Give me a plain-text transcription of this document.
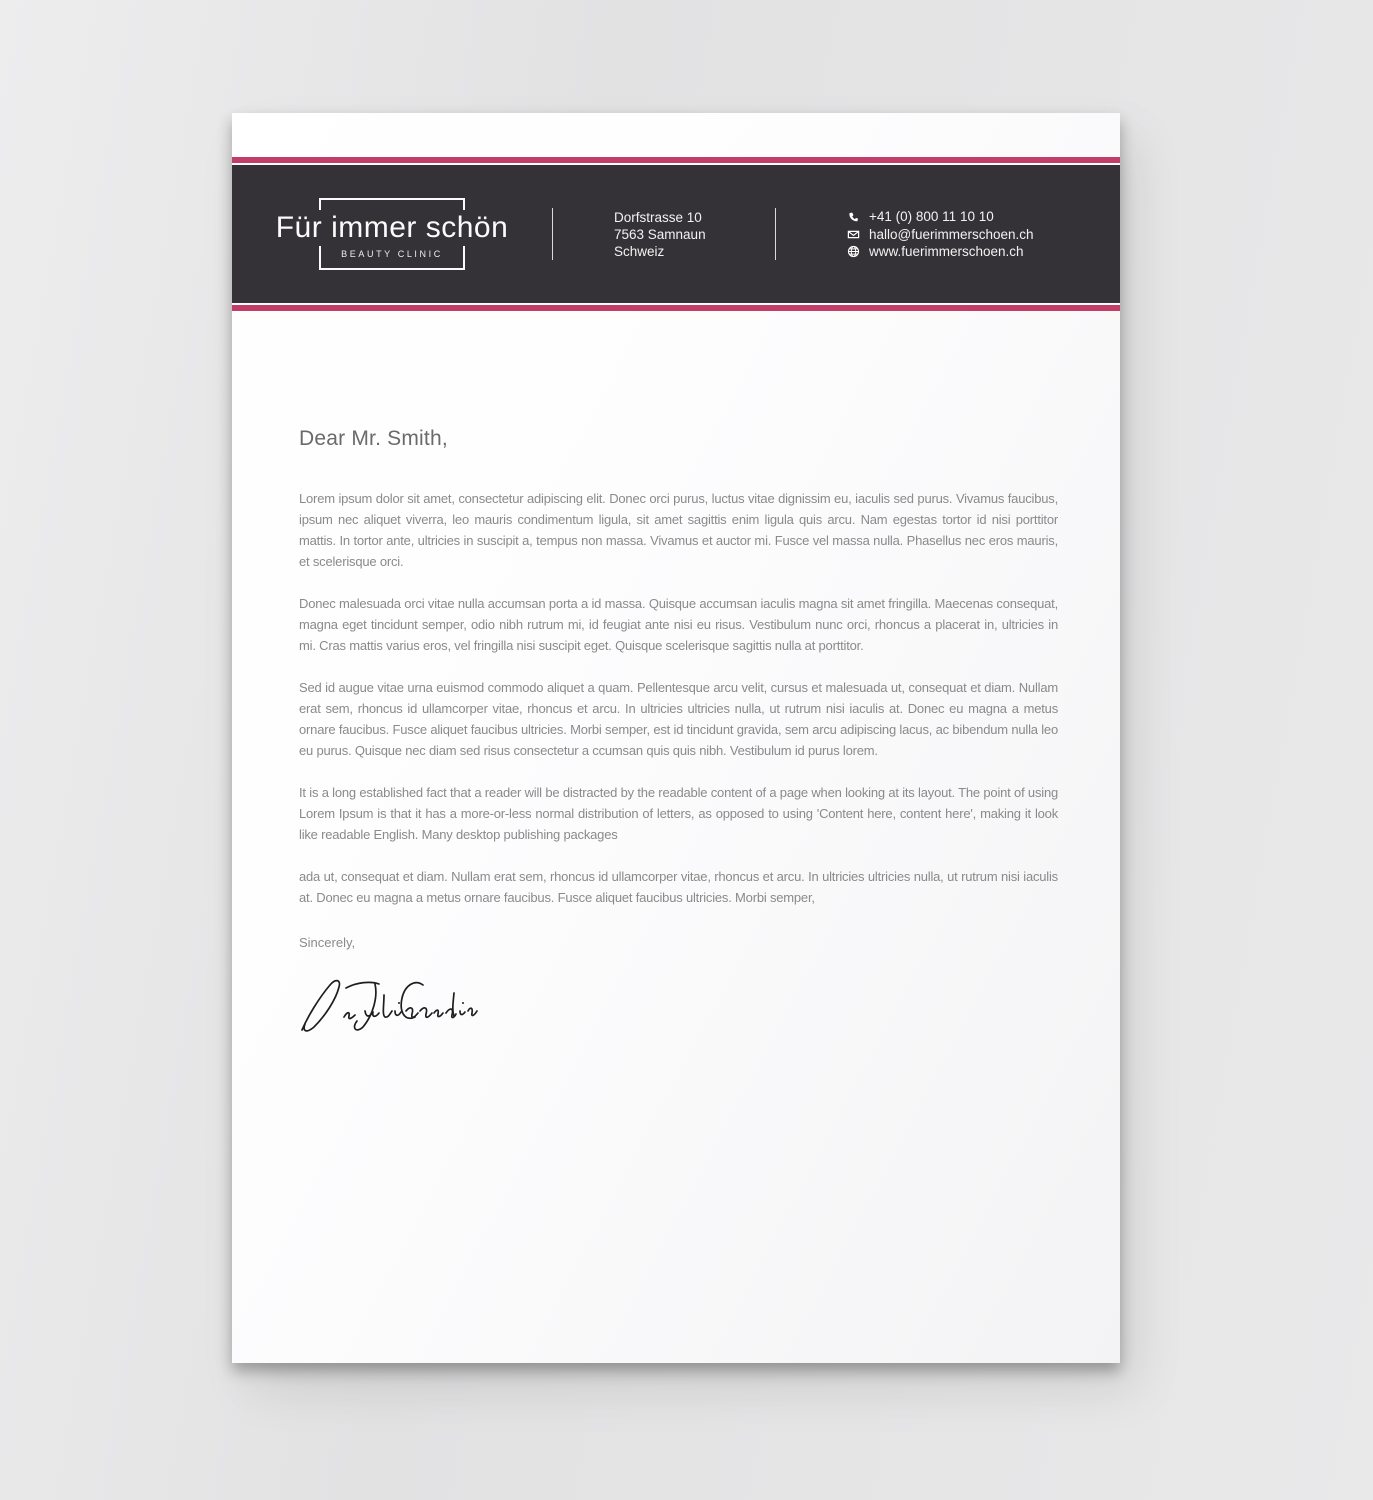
Für immer schön
BEAUTY CLINIC
Dorfstrasse 10
7563 Samnaun
Schweiz
+41 (0) 800 11 10 10
hallo@fuerimmerschoen.ch
www.fuerimmerschoen.ch
Dear Mr. Smith,

Lorem ipsum dolor sit amet, consectetur adipiscing elit. Donec orci purus, luctus vitae dignissim eu, iaculis sed purus. Vivamus faucibus, ipsum nec aliquet viverra, leo mauris condimentum ligula, sit amet sagittis enim ligula quis arcu. Nam egestas tortor id nisi porttitor mattis. In tortor ante, ultricies in suscipit a, tempus non massa. Vivamus et auctor mi. Fusce vel massa nulla. Phasellus nec eros mauris, et scelerisque orci.

Donec malesuada orci vitae nulla accumsan porta a id massa. Quisque accumsan iaculis magna sit amet fringilla. Maecenas consequat, magna eget tincidunt semper, odio nibh rutrum mi, id feugiat ante nisi eu risus. Vestibulum nunc orci, rhoncus a placerat in, ultricies in mi. Cras mattis varius eros, vel fringilla nisi suscipit eget. Quisque scelerisque sagittis nulla at porttitor.

Sed id augue vitae urna euismod commodo aliquet a quam. Pellentesque arcu velit, cursus et malesuada ut, consequat et diam. Nullam erat sem, rhoncus id ullamcorper vitae, rhoncus et arcu. In ultricies ultricies nulla, ut rutrum nisi iaculis at. Donec eu magna a metus ornare faucibus. Fusce aliquet faucibus ultricies. Morbi semper, est id tincidunt gravida, sem arcu adipiscing lacus, ac bibendum nulla leo eu purus. Quisque nec diam sed risus consectetur a ccumsan quis quis nibh. Vestibulum id purus lorem.

It is a long established fact that a reader will be distracted by the readable content of a page when looking at its layout. The point of using Lorem Ipsum is that it has a more-or-less normal distribution of letters, as opposed to using 'Content here, content here', making it look like readable English. Many desktop publishing packages

ada ut, consequat et diam. Nullam erat sem, rhoncus id ullamcorper vitae, rhoncus et arcu. In ultricies ultricies nulla, ut rutrum nisi iaculis at. Donec eu magna a metus ornare faucibus. Fusce aliquet faucibus ultricies. Morbi semper,

Sincerely,
